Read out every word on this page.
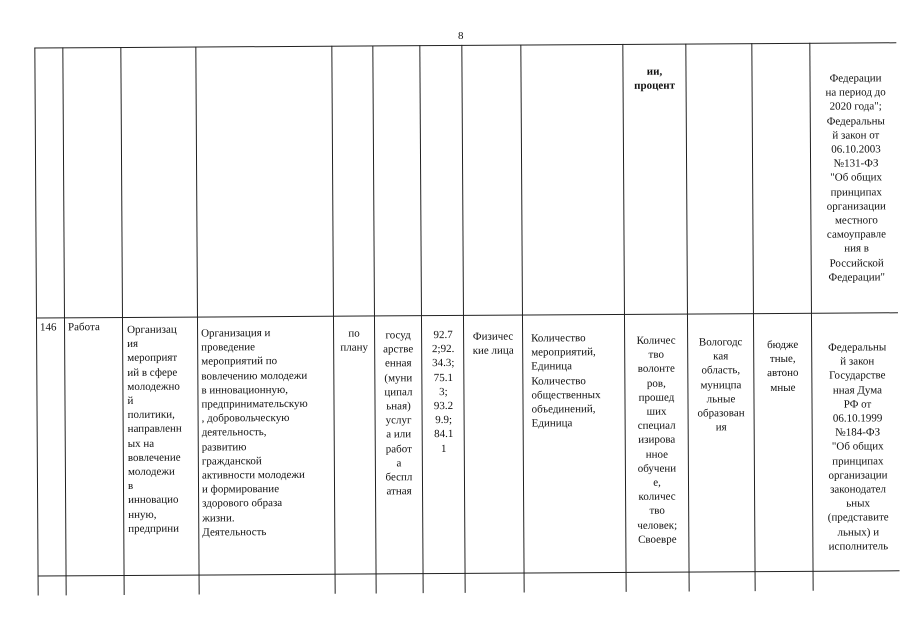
8
ии,
процент
Федерации
на период до
2020 года";
Федеральны
й закон от
06.10.2003
№131-ФЗ
"Об общих
принципах
организации
местного
самоуправле
ния в
Российской
Федерации"
146	Работа	Организац
ия
мероприят
ий в сфере
молодежно
й
политики,
направленн
ых на
вовлечение
молодежи
в
инновацио
нную,
предприни
Организация и
проведение
мероприятий по
вовлечению молодежи
в инновационную,
предпринимательскую
, добровольческую
деятельность,
развитию
гражданской
активности молодежи
и формирование
здорового образа
жизни.
Деятельность
по
плану
госуд
арстве
енная
(муни
ципал
ьная)
услуг
а или
работ
а
беспл
атная
92.7
2;92.
34.3;
75.1
3;
93.2
9.9;
84.1
1
Физичес
кие лица
Количество
мероприятий,
Единица
Количество
общественных
объединений,
Единица
Количес
тво
волонте
ров,
прошед
ших
специал
изирова
нное
обучени
е,
количес
тво
человек;
Своевре
Вологодс
кая
область,
муницпа
льные
образован
ия
бюдже
тные,
автоно
мные
Федеральны
й закон
Государстве
нная Дума
РФ от
06.10.1999
№184-ФЗ
"Об общих
принципах
организации
законодател
ьных
(представите
льных) и
исполнитель
